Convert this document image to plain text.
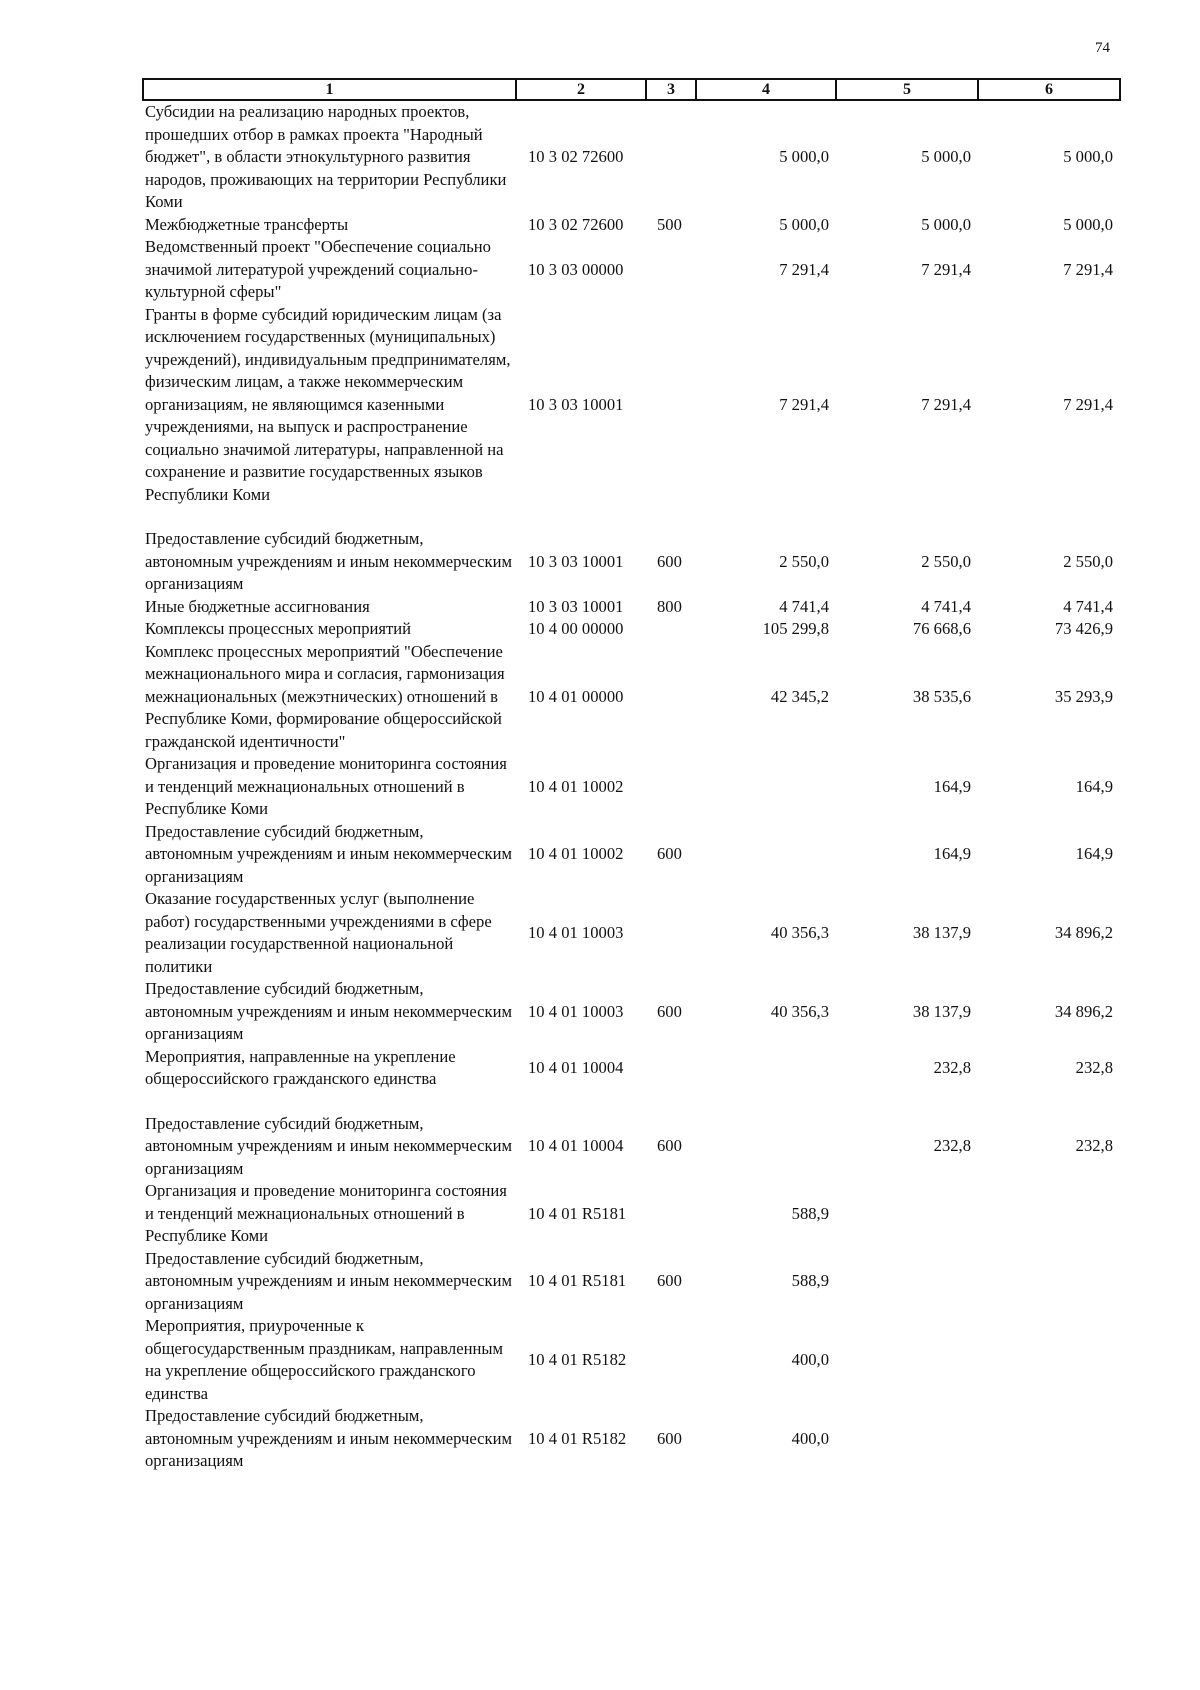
74
1	2	3	4	5	6
Субсидии на реализацию народных проектов, прошедших отбор в рамках проекта "Народный бюджет", в области этнокультурного развития народов, проживающих на территории Республики Коми	10 3 02 72600		5 000,0	5 000,0	5 000,0
Межбюджетные трансферты	10 3 02 72600	500	5 000,0	5 000,0	5 000,0
Ведомственный проект "Обеспечение социально значимой литературой учреждений социально-культурной сферы"	10 3 03 00000		7 291,4	7 291,4	7 291,4
Гранты в форме субсидий юридическим лицам (за исключением государственных (муниципальных) учреждений), индивидуальным предпринимателям, физическим лицам, а также некоммерческим организациям, не являющимся казенными учреждениями, на выпуск и распространение социально значимой литературы, направленной на сохранение и развитие государственных языков Республики Коми	10 3 03 10001		7 291,4	7 291,4	7 291,4
Предоставление субсидий бюджетным, автономным учреждениям и иным некоммерческим организациям	10 3 03 10001	600	2 550,0	2 550,0	2 550,0
Иные бюджетные ассигнования	10 3 03 10001	800	4 741,4	4 741,4	4 741,4
Комплексы процессных мероприятий	10 4 00 00000		105 299,8	76 668,6	73 426,9
Комплекс процессных мероприятий "Обеспечение межнационального мира и согласия, гармонизация межнациональных (межэтнических) отношений в Республике Коми, формирование общероссийской гражданской идентичности"	10 4 01 00000		42 345,2	38 535,6	35 293,9
Организация и проведение мониторинга состояния и тенденций межнациональных отношений в Республике Коми	10 4 01 10002			164,9	164,9
Предоставление субсидий бюджетным, автономным учреждениям и иным некоммерческим организациям	10 4 01 10002	600		164,9	164,9
Оказание государственных услуг (выполнение работ) государственными учреждениями в сфере реализации государственной национальной политики	10 4 01 10003		40 356,3	38 137,9	34 896,2
Предоставление субсидий бюджетным, автономным учреждениям и иным некоммерческим организациям	10 4 01 10003	600	40 356,3	38 137,9	34 896,2
Мероприятия, направленные на укрепление общероссийского гражданского единства	10 4 01 10004			232,8	232,8
Предоставление субсидий бюджетным, автономным учреждениям и иным некоммерческим организациям	10 4 01 10004	600		232,8	232,8
Организация и проведение мониторинга состояния и тенденций межнациональных отношений в Республике Коми	10 4 01 R5181		588,9		
Предоставление субсидий бюджетным, автономным учреждениям и иным некоммерческим организациям	10 4 01 R5181	600	588,9		
Мероприятия, приуроченные к общегосударственным праздникам, направленным на укрепление общероссийского гражданского единства	10 4 01 R5182		400,0		
Предоставление субсидий бюджетным, автономным учреждениям и иным некоммерческим организациям	10 4 01 R5182	600	400,0		
